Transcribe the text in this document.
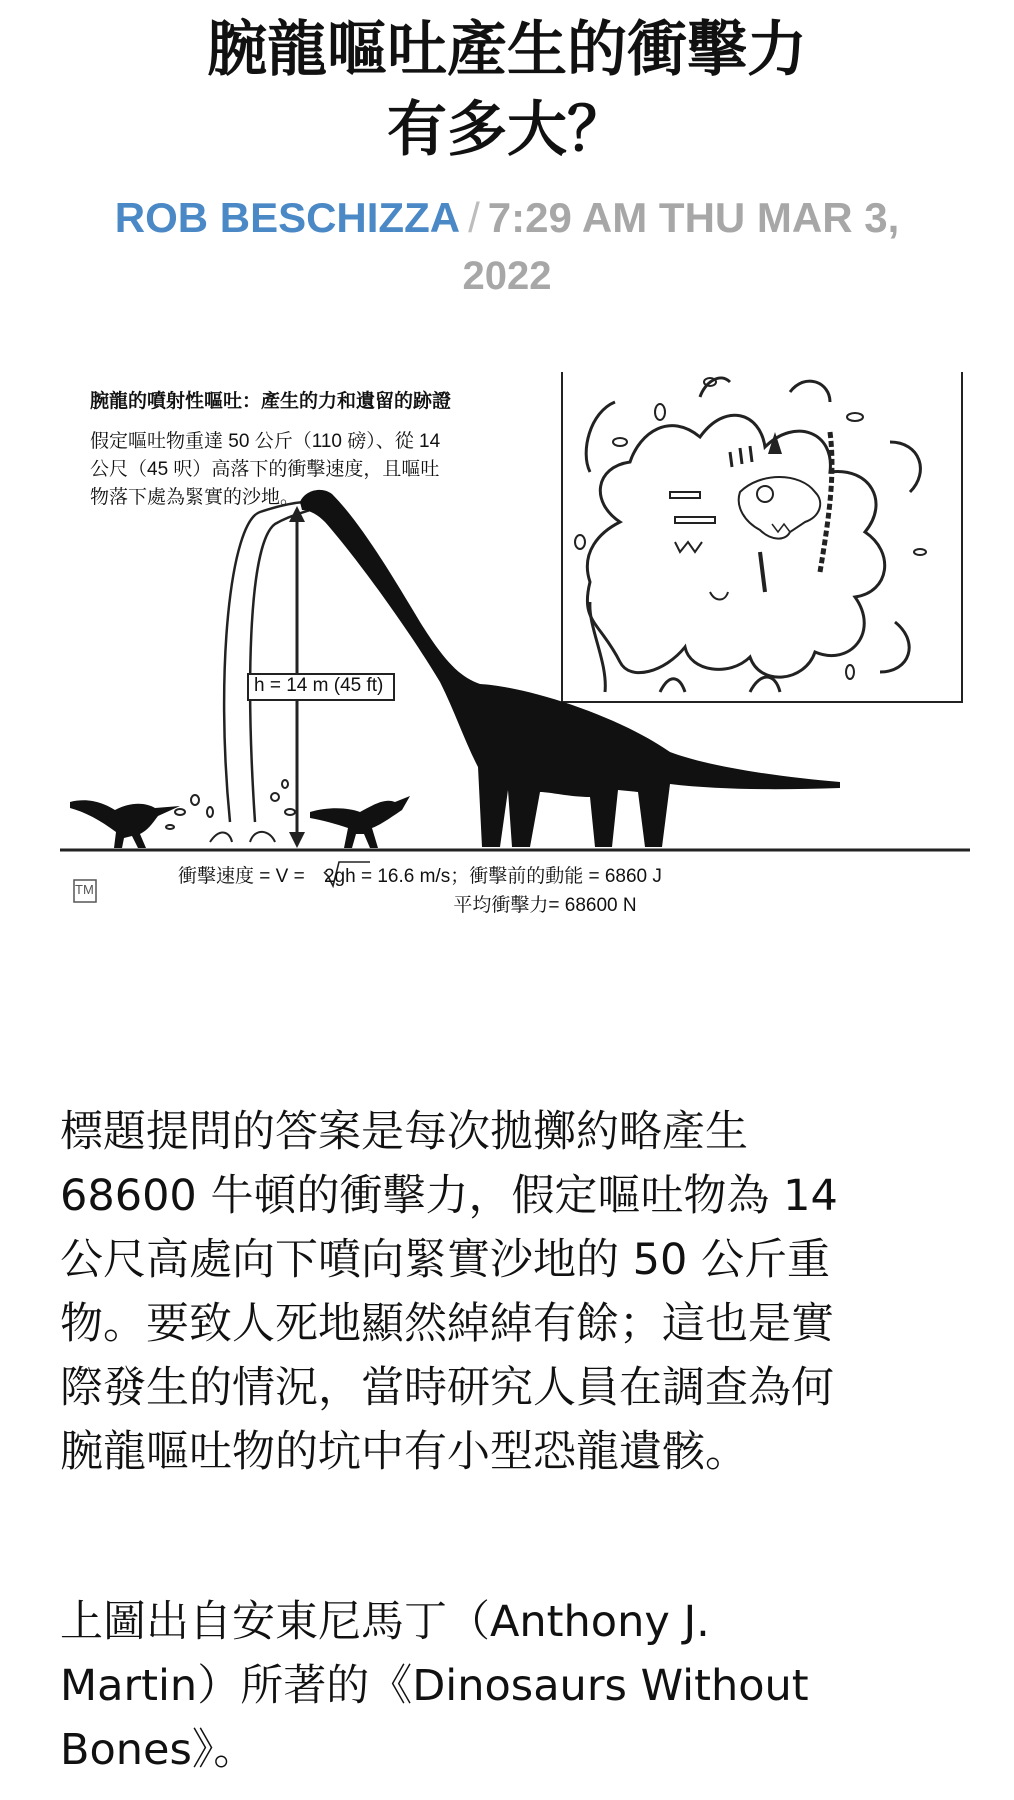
腕龍嘔吐產生的衝擊力
有多大？
ROB BESCHIZZA / 7:29 AM THU MAR 3,
2022
腕龍的噴射性嘔吐：產生的力和遺留的跡證
假定嘔吐物重達 50 公斤（110 磅）、從 14
公尺（45 呎）高落下的衝擊速度，且嘔吐
物落下處為緊實的沙地。
h = 14 m (45 ft)
TM
衝擊速度 = V = 2gh = 16.6 m/s；衝擊前的動能 = 6860 J
平均衝擊力= 68600 N
標題提問的答案是每次拋擲約略產生
68600 牛頓的衝擊力，假定嘔吐物為 14
公尺高處向下噴向緊實沙地的 50 公斤重
物。要致人死地顯然綽綽有餘；這也是實
際發生的情況，當時研究人員在調查為何
腕龍嘔吐物的坑中有小型恐龍遺骸。
上圖出自安東尼馬丁（Anthony J.
Martin）所著的《Dinosaurs Without
Bones》。
